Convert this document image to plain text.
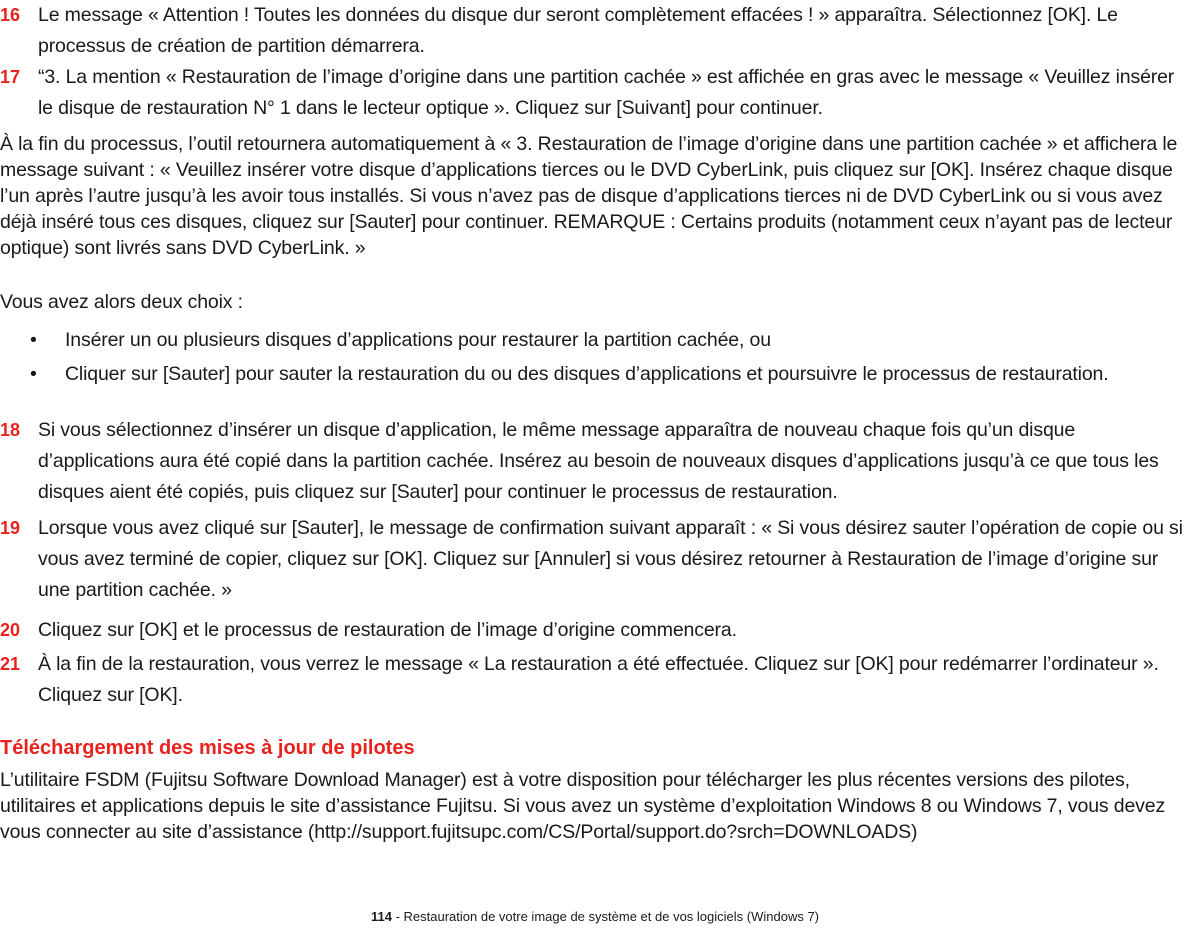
16 Le message « Attention ! Toutes les données du disque dur seront complètement effacées ! » apparaîtra. Sélectionnez [OK]. Le processus de création de partition démarrera.
17 “3. La mention « Restauration de l’image d’origine dans une partition cachée » est affichée en gras avec le message « Veuillez insérer le disque de restauration N° 1 dans le lecteur optique ». Cliquez sur [Suivant] pour continuer.
À la fin du processus, l’outil retournera automatiquement à « 3. Restauration de l’image d’origine dans une partition cachée » et affichera le message suivant : « Veuillez insérer votre disque d’applications tierces ou le DVD CyberLink, puis cliquez sur [OK]. Insérez chaque disque l’un après l’autre jusqu’à les avoir tous installés. Si vous n’avez pas de disque d’applications tierces ni de DVD CyberLink ou si vous avez déjà inséré tous ces disques, cliquez sur [Sauter] pour continuer. REMARQUE : Certains produits (notamment ceux n’ayant pas de lecteur optique) sont livrés sans DVD CyberLink. »
Vous avez alors deux choix :
• Insérer un ou plusieurs disques d’applications pour restaurer la partition cachée, ou
• Cliquer sur [Sauter] pour sauter la restauration du ou des disques d’applications et poursuivre le processus de restauration.
18 Si vous sélectionnez d’insérer un disque d’application, le même message apparaîtra de nouveau chaque fois qu’un disque d’applications aura été copié dans la partition cachée. Insérez au besoin de nouveaux disques d’applications jusqu’à ce que tous les disques aient été copiés, puis cliquez sur [Sauter] pour continuer le processus de restauration.
19 Lorsque vous avez cliqué sur [Sauter], le message de confirmation suivant apparaît : « Si vous désirez sauter l’opération de copie ou si vous avez terminé de copier, cliquez sur [OK]. Cliquez sur [Annuler] si vous désirez retourner à Restauration de l’image d’origine sur une partition cachée. »
20 Cliquez sur [OK] et le processus de restauration de l’image d’origine commencera.
21 À la fin de la restauration, vous verrez le message « La restauration a été effectuée. Cliquez sur [OK] pour redémarrer l’ordinateur ». Cliquez sur [OK].
Téléchargement des mises à jour de pilotes
L’utilitaire FSDM (Fujitsu Software Download Manager) est à votre disposition pour télécharger les plus récentes versions des pilotes, utilitaires et applications depuis le site d’assistance Fujitsu. Si vous avez un système d’exploitation Windows 8 ou Windows 7, vous devez vous connecter au site d’assistance (http://support.fujitsupc.com/CS/Portal/support.do?srch=DOWNLOADS)
114 - Restauration de votre image de système et de vos logiciels (Windows 7)
